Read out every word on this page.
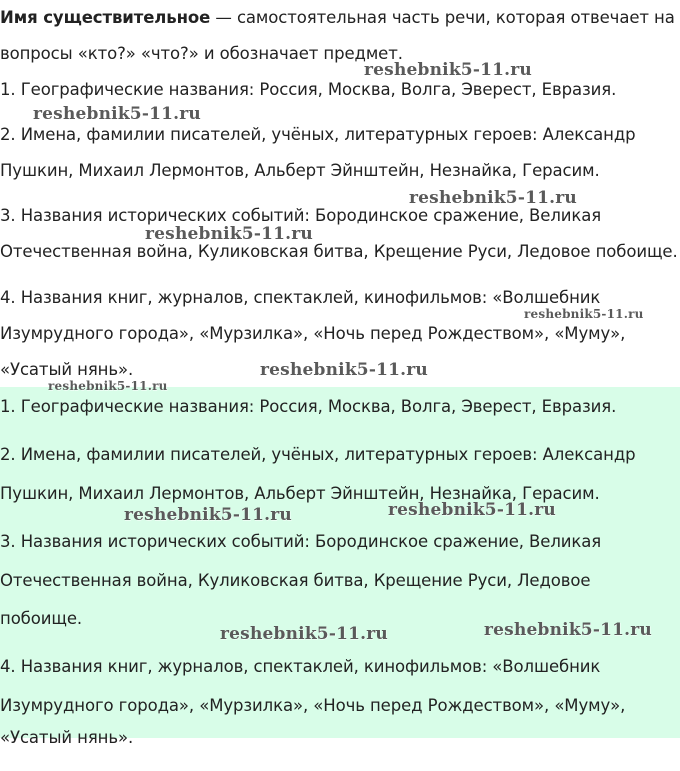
Имя существительное — самостоятельная часть речи, которая отвечает на
вопросы «кто?» «что?» и обозначает предмет.
1. Географические названия: Россия, Москва, Волга, Эверест, Евразия.
2. Имена, фамилии писателей, учёных, литературных героев: Александр
Пушкин, Михаил Лермонтов, Альберт Эйнштейн, Незнайка, Герасим.
3. Названия исторических событий: Бородинское сражение, Великая
Отечественная война, Куликовская битва, Крещение Руси, Ледовое побоище.
4. Названия книг, журналов, спектаклей, кинофильмов: «Волшебник
Изумрудного города», «Мурзилка», «Ночь перед Рождеством», «Муму»,
«Усатый нянь».
1. Географические названия: Россия, Москва, Волга, Эверест, Евразия.
2. Имена, фамилии писателей, учёных, литературных героев: Александр
Пушкин, Михаил Лермонтов, Альберт Эйнштейн, Незнайка, Герасим.
3. Названия исторических событий: Бородинское сражение, Великая
Отечественная война, Куликовская битва, Крещение Руси, Ледовое
побоище.
4. Названия книг, журналов, спектаклей, кинофильмов: «Волшебник
Изумрудного города», «Мурзилка», «Ночь перед Рождеством», «Муму»,
«Усатый нянь».
reshebnik5-11.ru
reshebnik5-11.ru
reshebnik5-11.ru
reshebnik5-11.ru
reshebnik5-11.ru
reshebnik5-11.ru
reshebnik5-11.ru
reshebnik5-11.ru	reshebnik5-11.ru
reshebnik5-11.ru	reshebnik5-11.ru
